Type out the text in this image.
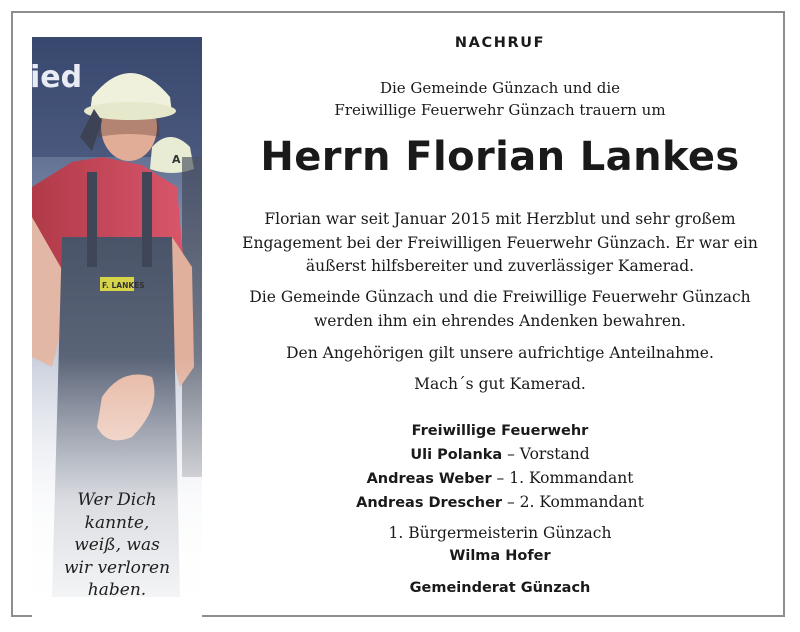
Wer Dich
kannte,
weiß, was
wir verloren
haben.
NACHRUF
Die Gemeinde Günzach und die
Freiwillige Feuerwehr Günzach trauern um
Herrn Florian Lankes
Florian war seit Januar 2015 mit Herzblut und sehr großem
Engagement bei der Freiwilligen Feuerwehr Günzach. Er war ein
äußerst hilfsbereiter und zuverlässiger Kamerad.
Die Gemeinde Günzach und die Freiwillige Feuerwehr Günzach
werden ihm ein ehrendes Andenken bewahren.
Den Angehörigen gilt unsere aufrichtige Anteilnahme.
Mach´s gut Kamerad.
Freiwillige Feuerwehr
Uli Polanka – Vorstand
Andreas Weber – 1. Kommandant
Andreas Drescher – 2. Kommandant
1. Bürgermeisterin Günzach
Wilma Hofer
Gemeinderat Günzach
